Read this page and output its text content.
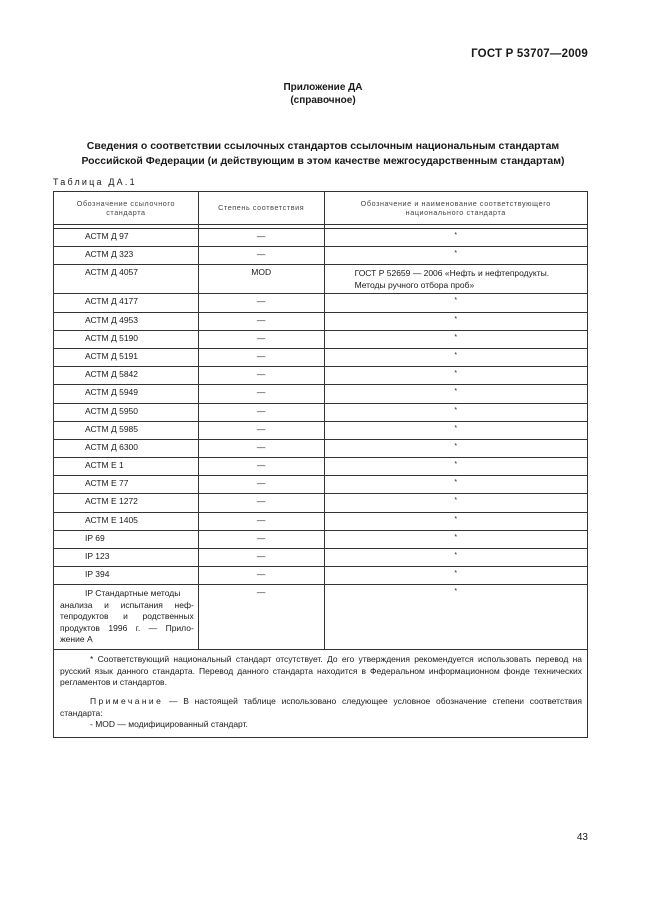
ГОСТ Р 53707—2009
Приложение ДА
(справочное)
Сведения о соответствии ссылочных стандартов ссылочным национальным стандартам
Российской Федерации (и действующим в этом качестве межгосударственным стандартам)
Таблица ДА.1
Обозначение ссылочного стандарта	Степень соответствия	Обозначение и наименование соответствующего национального стандарта

АСТМ Д 97	—	*
АСТМ Д 323	—	*
АСТМ Д 4057	MOD	ГОСТ Р 52659 — 2006 «Нефть и нефтепродукты. Методы ручного отбора проб»
АСТМ Д 4177	—	*
АСТМ Д 4953	—	*
АСТМ Д 5190	—	*
АСТМ Д 5191	—	*
АСТМ Д 5842	—	*
АСТМ Д 5949	—	*
АСТМ Д 5950	—	*
АСТМ Д 5985	—	*
АСТМ Д 6300	—	*
АСТМ Е 1	—	*
АСТМ Е 77	—	*
АСТМ Е 1272	—	*
АСТМ Е 1405	—	*
IP 69	—	*
IP 123	—	*
IP 394	—	*

IP Стандартные методы
анализа и испытания неф-тепродуктов и родственных продуктов 1996 г. — Прило-жение А	—	*

* Соответствующий национальный стандарт отсутствует. До его утверждения рекомендуется использовать перевод на русский язык данного стандарта. Перевод данного стандарта находится в Федеральном информационном фонде технических регламентов и стандартов.

Примечание — В настоящей таблице использовано следующее условное обозначение степени соответствия стандарта:

- MOD — модифицированный стандарт.		

43
